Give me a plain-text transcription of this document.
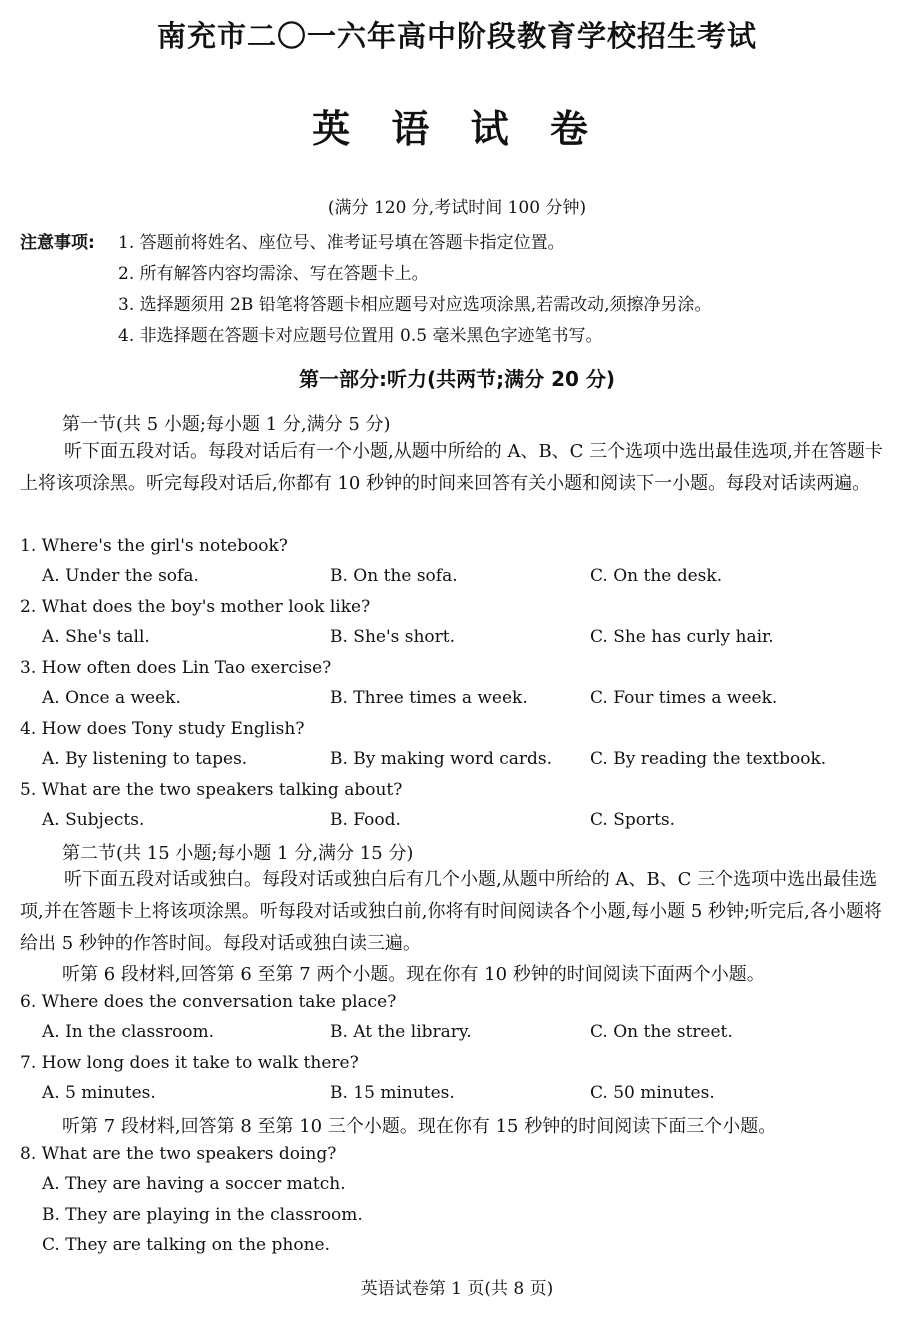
南充市二〇一六年高中阶段教育学校招生考试
英 语 试 卷
(满分 120 分,考试时间 100 分钟)
注意事项: 1. 答题前将姓名、座位号、准考证号填在答题卡指定位置。
2. 所有解答内容均需涂、写在答题卡上。
3. 选择题须用 2B 铅笔将答题卡相应题号对应选项涂黑,若需改动,须擦净另涂。
4. 非选择题在答题卡对应题号位置用 0.5 毫米黑色字迹笔书写。
第一部分:听力(共两节;满分 20 分)
第一节(共 5 小题;每小题 1 分,满分 5 分)
听下面五段对话。每段对话后有一个小题,从题中所给的 A、B、C 三个选项中选出最佳选项,并在答题卡上将该项涂黑。听完每段对话后,你都有 10 秒钟的时间来回答有关小题和阅读下一小题。每段对话读两遍。
1. Where's the girl's notebook?
A. Under the sofa.	B. On the sofa.	C. On the desk.
2. What does the boy's mother look like?
A. She's tall.	B. She's short.	C. She has curly hair.
3. How often does Lin Tao exercise?
A. Once a week.	B. Three times a week.	C. Four times a week.
4. How does Tony study English?
A. By listening to tapes.	B. By making word cards. C. By reading the textbook.
5. What are the two speakers talking about?
A. Subjects.	B. Food.	C. Sports.
第二节(共 15 小题;每小题 1 分,满分 15 分)
听下面五段对话或独白。每段对话或独白后有几个小题,从题中所给的 A、B、C 三个选项中选出最佳选项,并在答题卡上将该项涂黑。听每段对话或独白前,你将有时间阅读各个小题,每小题 5 秒钟;听完后,各小题将给出 5 秒钟的作答时间。每段对话或独白读三遍。
听第 6 段材料,回答第 6 至第 7 两个小题。现在你有 10 秒钟的时间阅读下面两个小题。
6. Where does the conversation take place?
A. In the classroom.	B. At the library.	C. On the street.
7. How long does it take to walk there?
A. 5 minutes.	B. 15 minutes.	C. 50 minutes.
听第 7 段材料,回答第 8 至第 10 三个小题。现在你有 15 秒钟的时间阅读下面三个小题。
8. What are the two speakers doing?
A. They are having a soccer match.
B. They are playing in the classroom.
C. They are talking on the phone.
英语试卷第 1 页(共 8 页)
